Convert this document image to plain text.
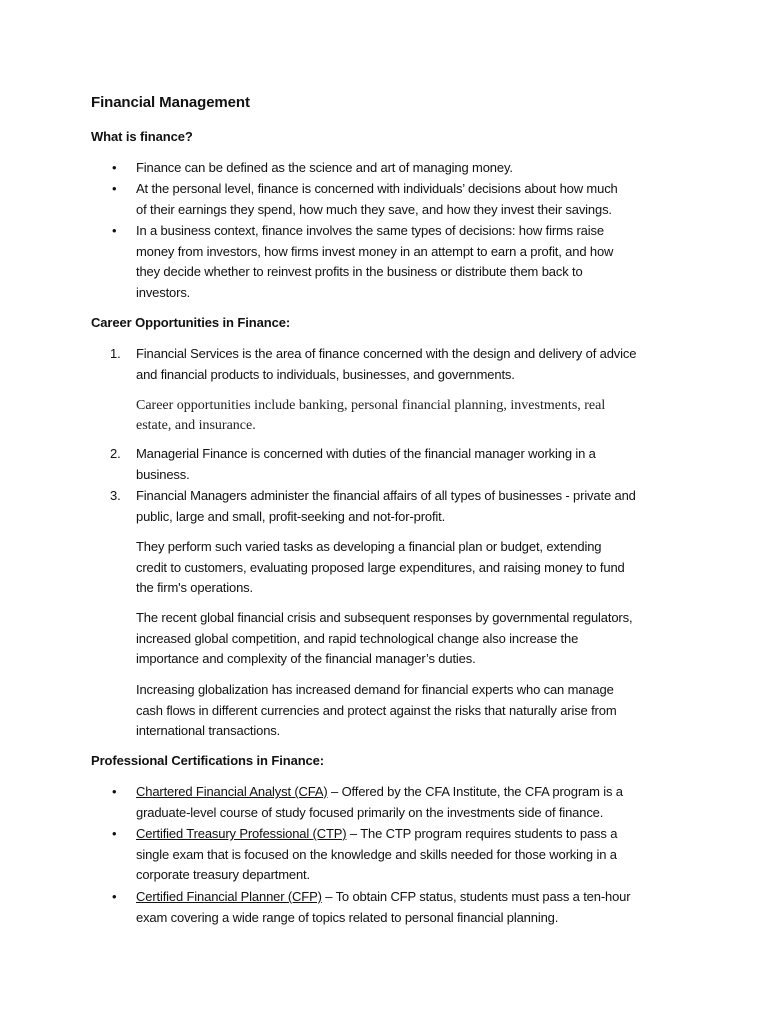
Financial Management
What is finance?
•	Finance can be defined as the science and art of managing money.
•	At the personal level, finance is concerned with individuals’ decisions about how much
of their earnings they spend, how much they save, and how they invest their savings.
•	In a business context, finance involves the same types of decisions: how firms raise
money from investors, how firms invest money in an attempt to earn a profit, and how
they decide whether to reinvest profits in the business or distribute them back to
investors.
Career Opportunities in Finance:
1.	Financial Services is the area of finance concerned with the design and delivery of advice
and financial products to individuals, businesses, and governments.
Career opportunities include banking, personal financial planning, investments, real
estate, and insurance.
2.	Managerial Finance is concerned with duties of the financial manager working in a
business.
3.	Financial Managers administer the financial affairs of all types of businesses - private and
public, large and small, profit-seeking and not-for-profit.
They perform such varied tasks as developing a financial plan or budget, extending
credit to customers, evaluating proposed large expenditures, and raising money to fund
the firm's operations.
The recent global financial crisis and subsequent responses by governmental regulators,
increased global competition, and rapid technological change also increase the
importance and complexity of the financial manager’s duties.
Increasing globalization has increased demand for financial experts who can manage
cash flows in different currencies and protect against the risks that naturally arise from
international transactions.
Professional Certifications in Finance:
•	Chartered Financial Analyst (CFA) – Offered by the CFA Institute, the CFA program is a
graduate-level course of study focused primarily on the investments side of finance.
•	Certified Treasury Professional (CTP) – The CTP program requires students to pass a
single exam that is focused on the knowledge and skills needed for those working in a
corporate treasury department.
•	Certified Financial Planner (CFP) – To obtain CFP status, students must pass a ten-hour
exam covering a wide range of topics related to personal financial planning.
